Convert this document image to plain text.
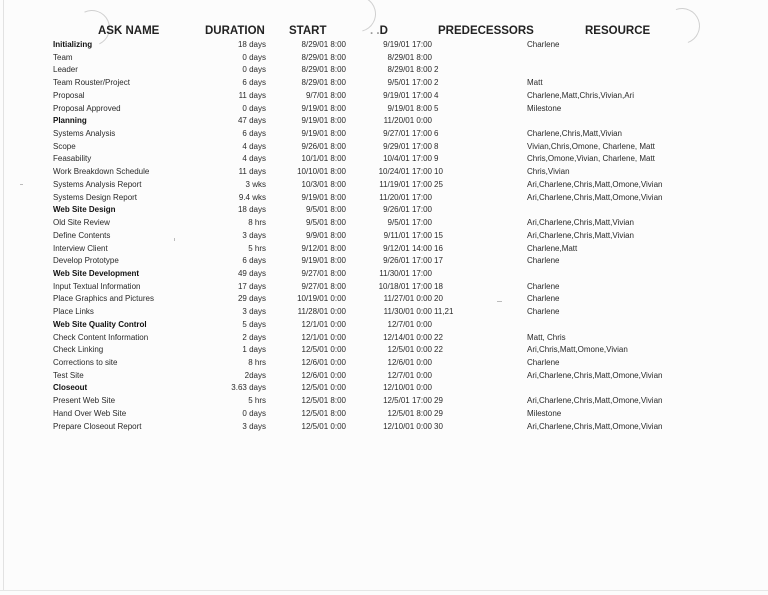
ASK NAME	DURATION START	. .D	PREDECESSORS	RESOURCE
Initializing	18 days	8/29/01 8:00	9/19/01 17:00	Charlene
Team	0 days	8/29/01 8:00	8/29/01 8:00
Leader	0 days	8/29/01 8:00	8/29/01 8:00 2
Team Rouster/Project	6 days	8/29/01 8:00	9/5/01 17:00 2	Matt
Proposal	11 days	9/7/01 8:00	9/19/01 17:00 4	Charlene,Matt,Chris,Vivian,Ari
Proposal Approved	0 days	9/19/01 8:00	9/19/01 8:00 5	Milestone
Planning	47 days	9/19/01 8:00	11/20/01 0:00
Systems Analysis	6 days	9/19/01 8:00	9/27/01 17:00 6	Charlene,Chris,Matt,Vivian
Scope	4 days	9/26/01 8:00	9/29/01 17:00 8	Vivian,Chris,Omone, Charlene, Matt
Feasability	4 days	10/1/01 8:00	10/4/01 17:00 9	Chris,Omone,Vivian, Charlene, Matt
Work Breakdown Schedule	11 days	10/10/01 8:00	10/24/01 17:00 10	Chris,Vivian
Systems Analysis Report	3 wks	10/3/01 8:00	11/19/01 17:00 25	Ari,Charlene,Chris,Matt,Omone,Vivian
Systems Design Report	9.4 wks	9/19/01 8:00	11/20/01 17:00	Ari,Charlene,Chris,Matt,Omone,Vivian
Web Site Design	18 days	9/5/01 8:00	9/26/01 17:00
Old Site Review	8 hrs	9/5/01 8:00	9/5/01 17:00	Ari,Charlene,Chris,Matt,Vivian
Define Contents	3 days	9/9/01 8:00	9/11/01 17:00 15	Ari,Charlene,Chris,Matt,Vivian
Interview Client	5 hrs	9/12/01 8:00	9/12/01 14:00 16	Charlene,Matt
Develop Prototype	6 days	9/19/01 8:00	9/26/01 17:00 17	Charlene
Web Site Development	49 days	9/27/01 8:00	11/30/01 17:00
Input Textual Information	17 days	9/27/01 8:00	10/18/01 17:00 18	Charlene
Place Graphics and Pictures	29 days	10/19/01 0:00	11/27/01 0:00 20	Charlene
Place Links	3 days	11/28/01 0:00	11/30/01 0:00 11,21	Charlene
Web Site Quality Control	5 days	12/1/01 0:00	12/7/01 0:00
Check Content Information	2 days	12/1/01 0:00	12/14/01 0:00 22	Matt, Chris
Check Linking	1 days	12/5/01 0:00	12/5/01 0:00 22	Ari,Chris,Matt,Omone,Vivian
Corrections to site	8 hrs	12/6/01 0:00	12/6/01 0:00	Charlene
Test Site	2days	12/6/01 0:00	12/7/01 0:00	Ari,Charlene,Chris,Matt,Omone,Vivian
Closeout	3.63 days	12/5/01 0:00	12/10/01 0:00
Present Web Site	5 hrs	12/5/01 8:00	12/5/01 17:00 29	Ari,Charlene,Chris,Matt,Omone,Vivian
Hand Over Web Site	0 days	12/5/01 8:00	12/5/01 8:00 29	Milestone
Prepare Closeout Report	3 days	12/5/01 0:00	12/10/01 0:00 30	Ari,Charlene,Chris,Matt,Omone,Vivian
